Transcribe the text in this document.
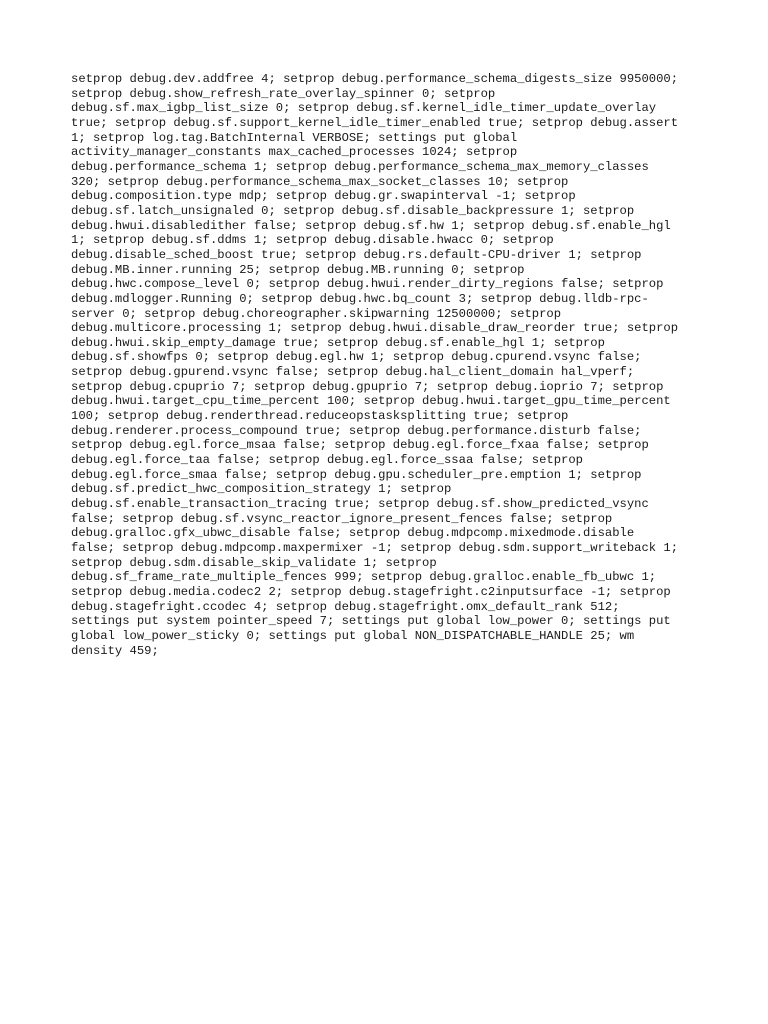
setprop debug.dev.addfree 4; setprop debug.performance_schema_digests_size 9950000;
setprop debug.show_refresh_rate_overlay_spinner 0; setprop
debug.sf.max_igbp_list_size 0; setprop debug.sf.kernel_idle_timer_update_overlay
true; setprop debug.sf.support_kernel_idle_timer_enabled true; setprop debug.assert
1; setprop log.tag.BatchInternal VERBOSE; settings put global
activity_manager_constants max_cached_processes 1024; setprop
debug.performance_schema 1; setprop debug.performance_schema_max_memory_classes
320; setprop debug.performance_schema_max_socket_classes 10; setprop
debug.composition.type mdp; setprop debug.gr.swapinterval -1; setprop
debug.sf.latch_unsignaled 0; setprop debug.sf.disable_backpressure 1; setprop
debug.hwui.disabledither false; setprop debug.sf.hw 1; setprop debug.sf.enable_hgl
1; setprop debug.sf.ddms 1; setprop debug.disable.hwacc 0; setprop
debug.disable_sched_boost true; setprop debug.rs.default-CPU-driver 1; setprop
debug.MB.inner.running 25; setprop debug.MB.running 0; setprop
debug.hwc.compose_level 0; setprop debug.hwui.render_dirty_regions false; setprop
debug.mdlogger.Running 0; setprop debug.hwc.bq_count 3; setprop debug.lldb-rpc-
server 0; setprop debug.choreographer.skipwarning 12500000; setprop
debug.multicore.processing 1; setprop debug.hwui.disable_draw_reorder true; setprop
debug.hwui.skip_empty_damage true; setprop debug.sf.enable_hgl 1; setprop
debug.sf.showfps 0; setprop debug.egl.hw 1; setprop debug.cpurend.vsync false;
setprop debug.gpurend.vsync false; setprop debug.hal_client_domain hal_vperf;
setprop debug.cpuprio 7; setprop debug.gpuprio 7; setprop debug.ioprio 7; setprop
debug.hwui.target_cpu_time_percent 100; setprop debug.hwui.target_gpu_time_percent
100; setprop debug.renderthread.reduceopstasksplitting true; setprop
debug.renderer.process_compound true; setprop debug.performance.disturb false;
setprop debug.egl.force_msaa false; setprop debug.egl.force_fxaa false; setprop
debug.egl.force_taa false; setprop debug.egl.force_ssaa false; setprop
debug.egl.force_smaa false; setprop debug.gpu.scheduler_pre.emption 1; setprop
debug.sf.predict_hwc_composition_strategy 1; setprop
debug.sf.enable_transaction_tracing true; setprop debug.sf.show_predicted_vsync
false; setprop debug.sf.vsync_reactor_ignore_present_fences false; setprop
debug.gralloc.gfx_ubwc_disable false; setprop debug.mdpcomp.mixedmode.disable
false; setprop debug.mdpcomp.maxpermixer -1; setprop debug.sdm.support_writeback 1;
setprop debug.sdm.disable_skip_validate 1; setprop
debug.sf_frame_rate_multiple_fences 999; setprop debug.gralloc.enable_fb_ubwc 1;
setprop debug.media.codec2 2; setprop debug.stagefright.c2inputsurface -1; setprop
debug.stagefright.ccodec 4; setprop debug.stagefright.omx_default_rank 512;
settings put system pointer_speed 7; settings put global low_power 0; settings put
global low_power_sticky 0; settings put global NON_DISPATCHABLE_HANDLE 25; wm
density 459;
